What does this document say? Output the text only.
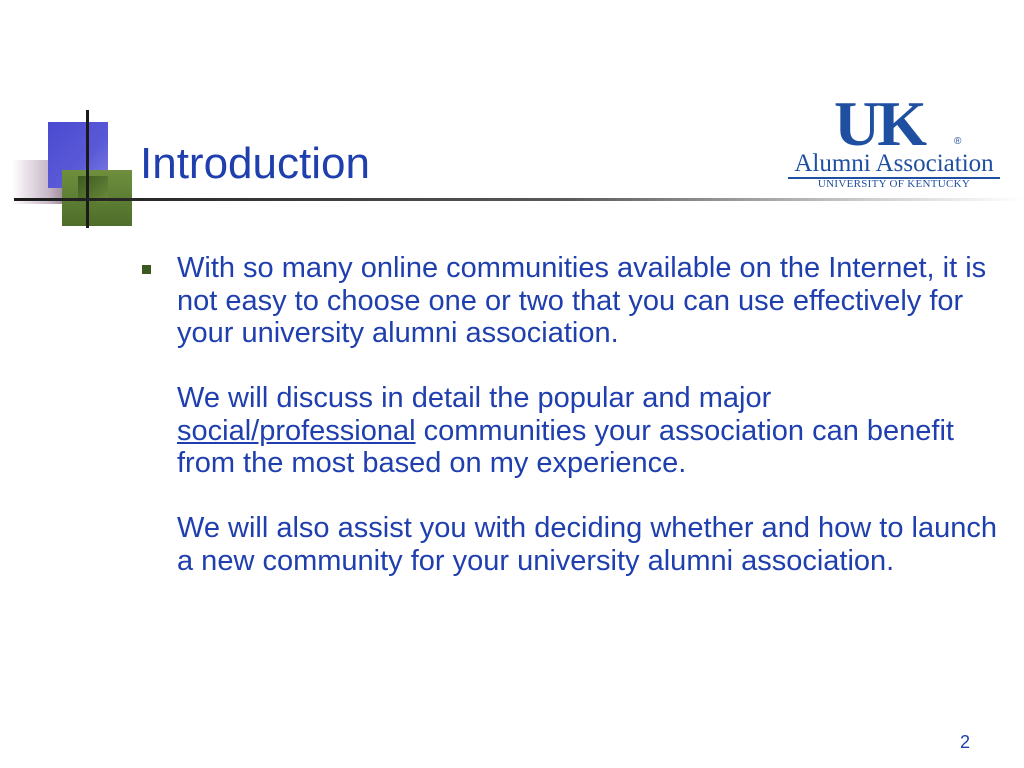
Introduction
UK	®
Alumni Association
UNIVERSITY OF KENTUCKY

With so many online communities available on the Internet, it is not easy to choose one or two that you can use effectively for your university alumni association.

We will discuss in detail the popular and major social/professional communities your association can benefit from the most based on my experience.

We will also assist you with deciding whether and how to launch a new community for your university alumni association.

2
